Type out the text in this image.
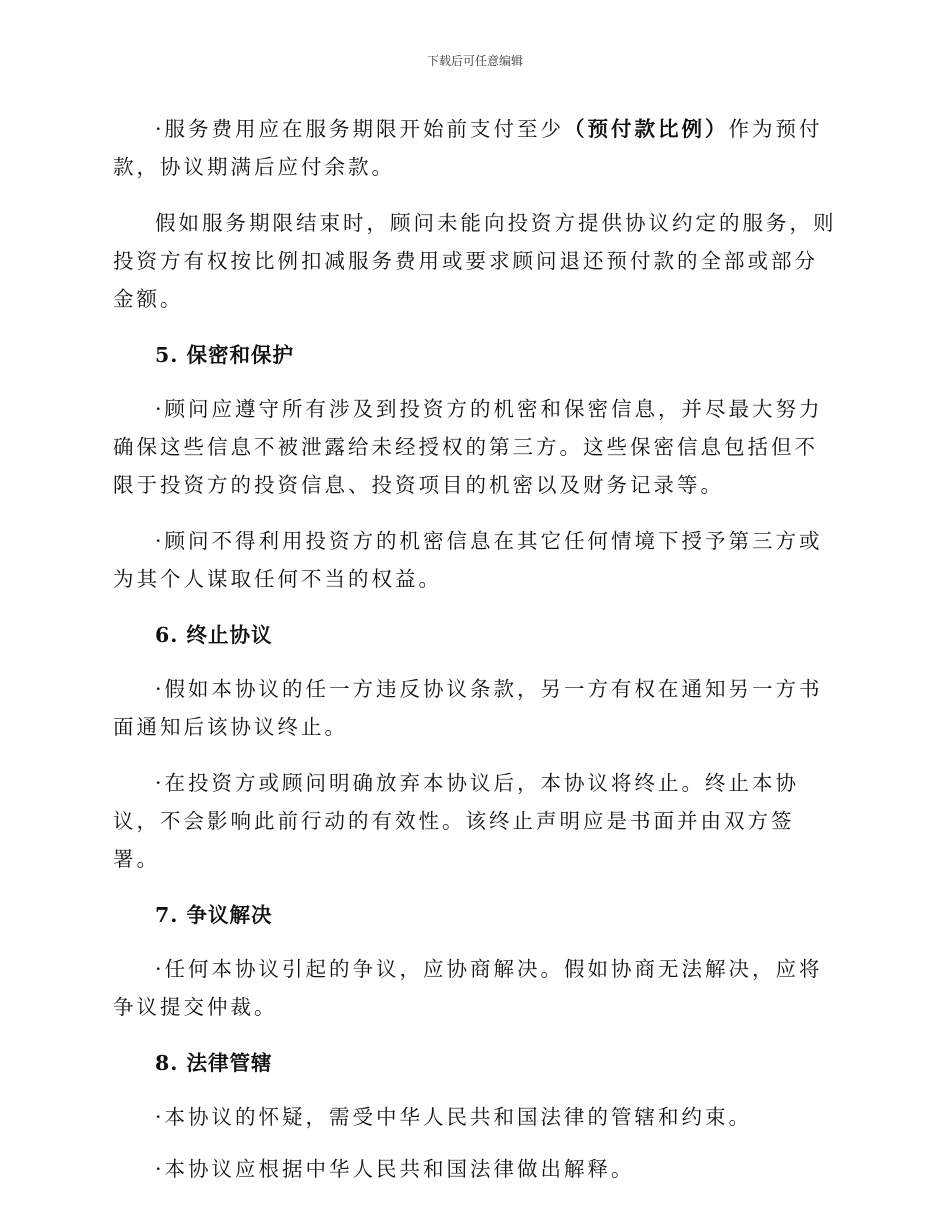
下载后可任意编辑

·服务费用应在服务期限开始前支付至少（预付款比例）作为预付款，协议期满后应付余款。

假如服务期限结束时，顾问未能向投资方提供协议约定的服务，则投资方有权按比例扣减服务费用或要求顾问退还预付款的全部或部分金额。

5. 保密和保护

·顾问应遵守所有涉及到投资方的机密和保密信息，并尽最大努力确保这些信息不被泄露给未经授权的第三方。这些保密信息包括但不限于投资方的投资信息、投资项目的机密以及财务记录等。

·顾问不得利用投资方的机密信息在其它任何情境下授予第三方或为其个人谋取任何不当的权益。

6. 终止协议

·假如本协议的任一方违反协议条款，另一方有权在通知另一方书面通知后该协议终止。

·在投资方或顾问明确放弃本协议后，本协议将终止。终止本协议，不会影响此前行动的有效性。该终止声明应是书面并由双方签署。

7. 争议解决

·任何本协议引起的争议，应协商解决。假如协商无法解决，应将争议提交仲裁。

8. 法律管辖

·本协议的怀疑，需受中华人民共和国法律的管辖和约束。

·本协议应根据中华人民共和国法律做出解释。
